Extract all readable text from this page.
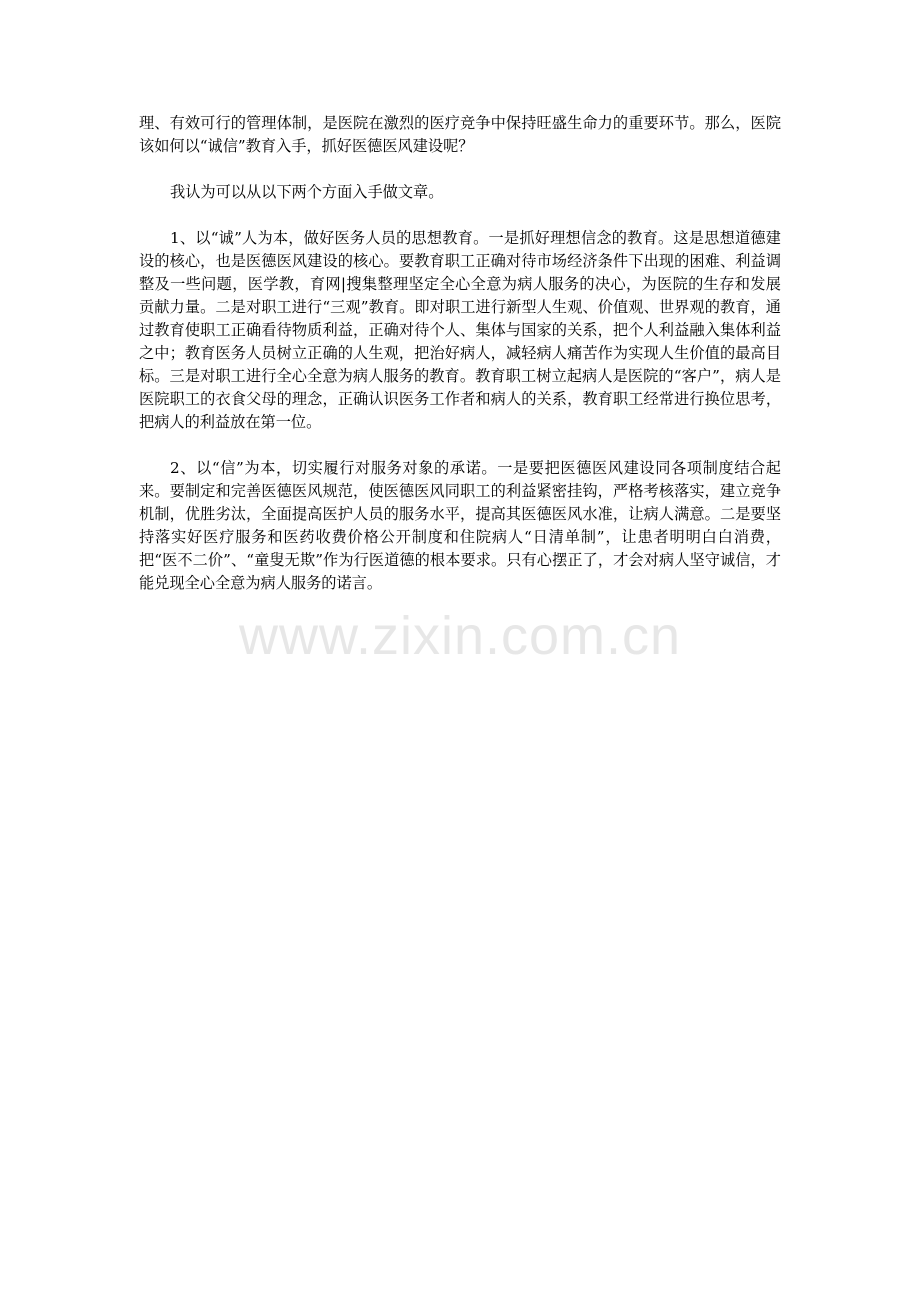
理、有效可行的管理体制，是医院在激烈的医疗竞争中保持旺盛生命力的重要环节。那么，医院该如何以“诚信”教育入手，抓好医德医风建设呢？

我认为可以从以下两个方面入手做文章。

1、以“诚”人为本，做好医务人员的思想教育。一是抓好理想信念的教育。这是思想道德建设的核心，也是医德医风建设的核心。要教育职工正确对待市场经济条件下出现的困难、利益调整及一些问题，医学教，育网|搜集整理坚定全心全意为病人服务的决心，为医院的生存和发展贡献力量。二是对职工进行“三观”教育。即对职工进行新型人生观、价值观、世界观的教育，通过教育使职工正确看待物质利益，正确对待个人、集体与国家的关系，把个人利益融入集体利益之中；教育医务人员树立正确的人生观，把治好病人，减轻病人痛苦作为实现人生价值的最高目标。三是对职工进行全心全意为病人服务的教育。教育职工树立起病人是医院的“客户”，病人是医院职工的衣食父母的理念，正确认识医务工作者和病人的关系，教育职工经常进行换位思考，把病人的利益放在第一位。

2、以“信”为本，切实履行对服务对象的承诺。一是要把医德医风建设同各项制度结合起来。要制定和完善医德医风规范，使医德医风同职工的利益紧密挂钩，严格考核落实，建立竞争机制，优胜劣汰，全面提高医护人员的服务水平，提高其医德医风水准，让病人满意。二是要坚持落实好医疗服务和医药收费价格公开制度和住院病人“日清单制”，让患者明明白白消费，把“医不二价”、“童叟无欺”作为行医道德的根本要求。只有心摆正了，才会对病人坚守诚信，才能兑现全心全意为病人服务的诺言。

www.zixin.com.cn
